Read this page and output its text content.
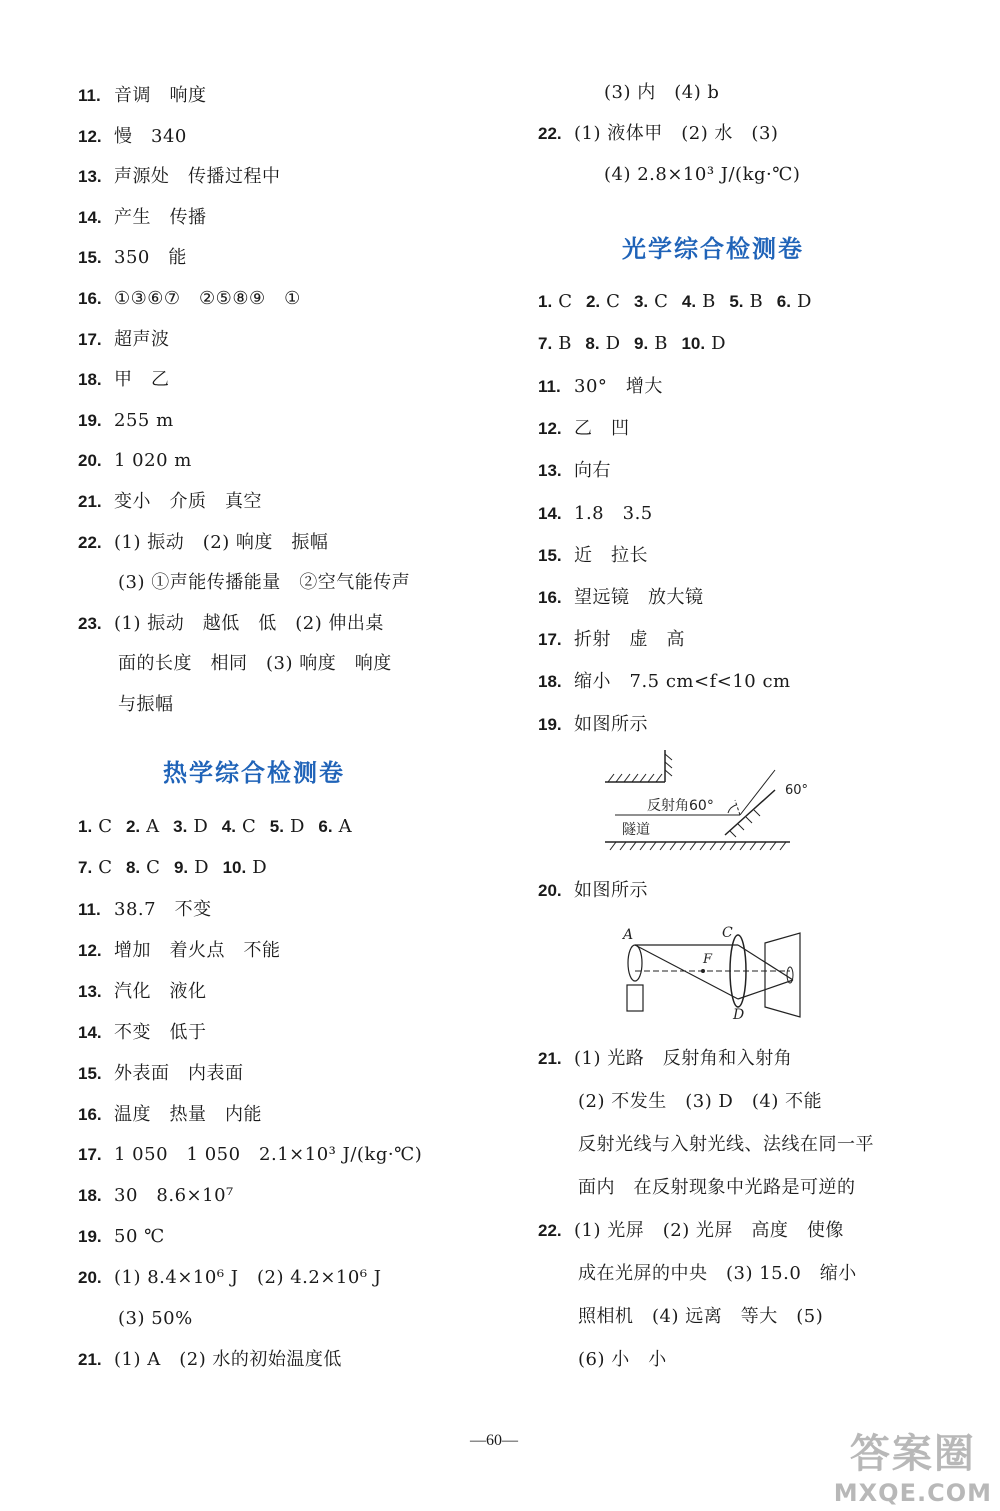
11. 音调　响度
12. 慢　340
13. 声源处　传播过程中
14. 产生　传播
15. 350　能
16. ①③⑥⑦　②⑤⑧⑨　①
17. 超声波
18. 甲　乙
19. 255 m
20. 1 020 m
21. 变小　介质　真空
22. (1) 振动　(2) 响度　振幅
(3) ①声能传播能量　②空气能传声
23. (1) 振动　越低　低　(2) 伸出桌
面的长度　相同　(3) 响度　响度
与振幅
热学综合检测卷
1. C 2. A 3. D 4. C 5. D 6. A
7. C 8. C 9. D 10. D
11. 38.7　不变
12. 增加　着火点　不能
13. 汽化　液化
14. 不变　低于
15. 外表面　内表面
16. 温度　热量　内能
17. 1 050　1 050　2.1×10³ J/(kg·℃)
18. 30　8.6×10⁷
19. 50 ℃
20. (1) 8.4×10⁶ J　(2) 4.2×10⁶ J
(3) 50%
21. (1) A　(2) 水的初始温度低
(3) 内　(4) b
22. (1) 液体甲　(2) 水　(3)
(4) 2.8×10³ J/(kg·℃)
光学综合检测卷
1. C 2. C 3. C 4. B 5. B 6. D
7. B 8. D 9. B 10. D
11. 30°　增大
12. 乙　凹
13. 向右
14. 1.8　3.5
15. 近　拉长
16. 望远镜　放大镜
17. 折射　虚　高
18. 缩小　7.5 cm<f<10 cm
19. 如图所示
反射角60°
60°
隧道
20. 如图所示
A	C
D
F
21. (1) 光路　反射角和入射角
(2) 不发生　(3) D　(4) 不能
反射光线与入射光线、法线在同一平
面内　在反射现象中光路是可逆的
22. (1) 光屏　(2) 光屏　高度　使像
成在光屏的中央　(3) 15.0　缩小
照相机　(4) 远离　等大　(5)
(6) 小　小
—60—	答案圈
MXQE.COM
